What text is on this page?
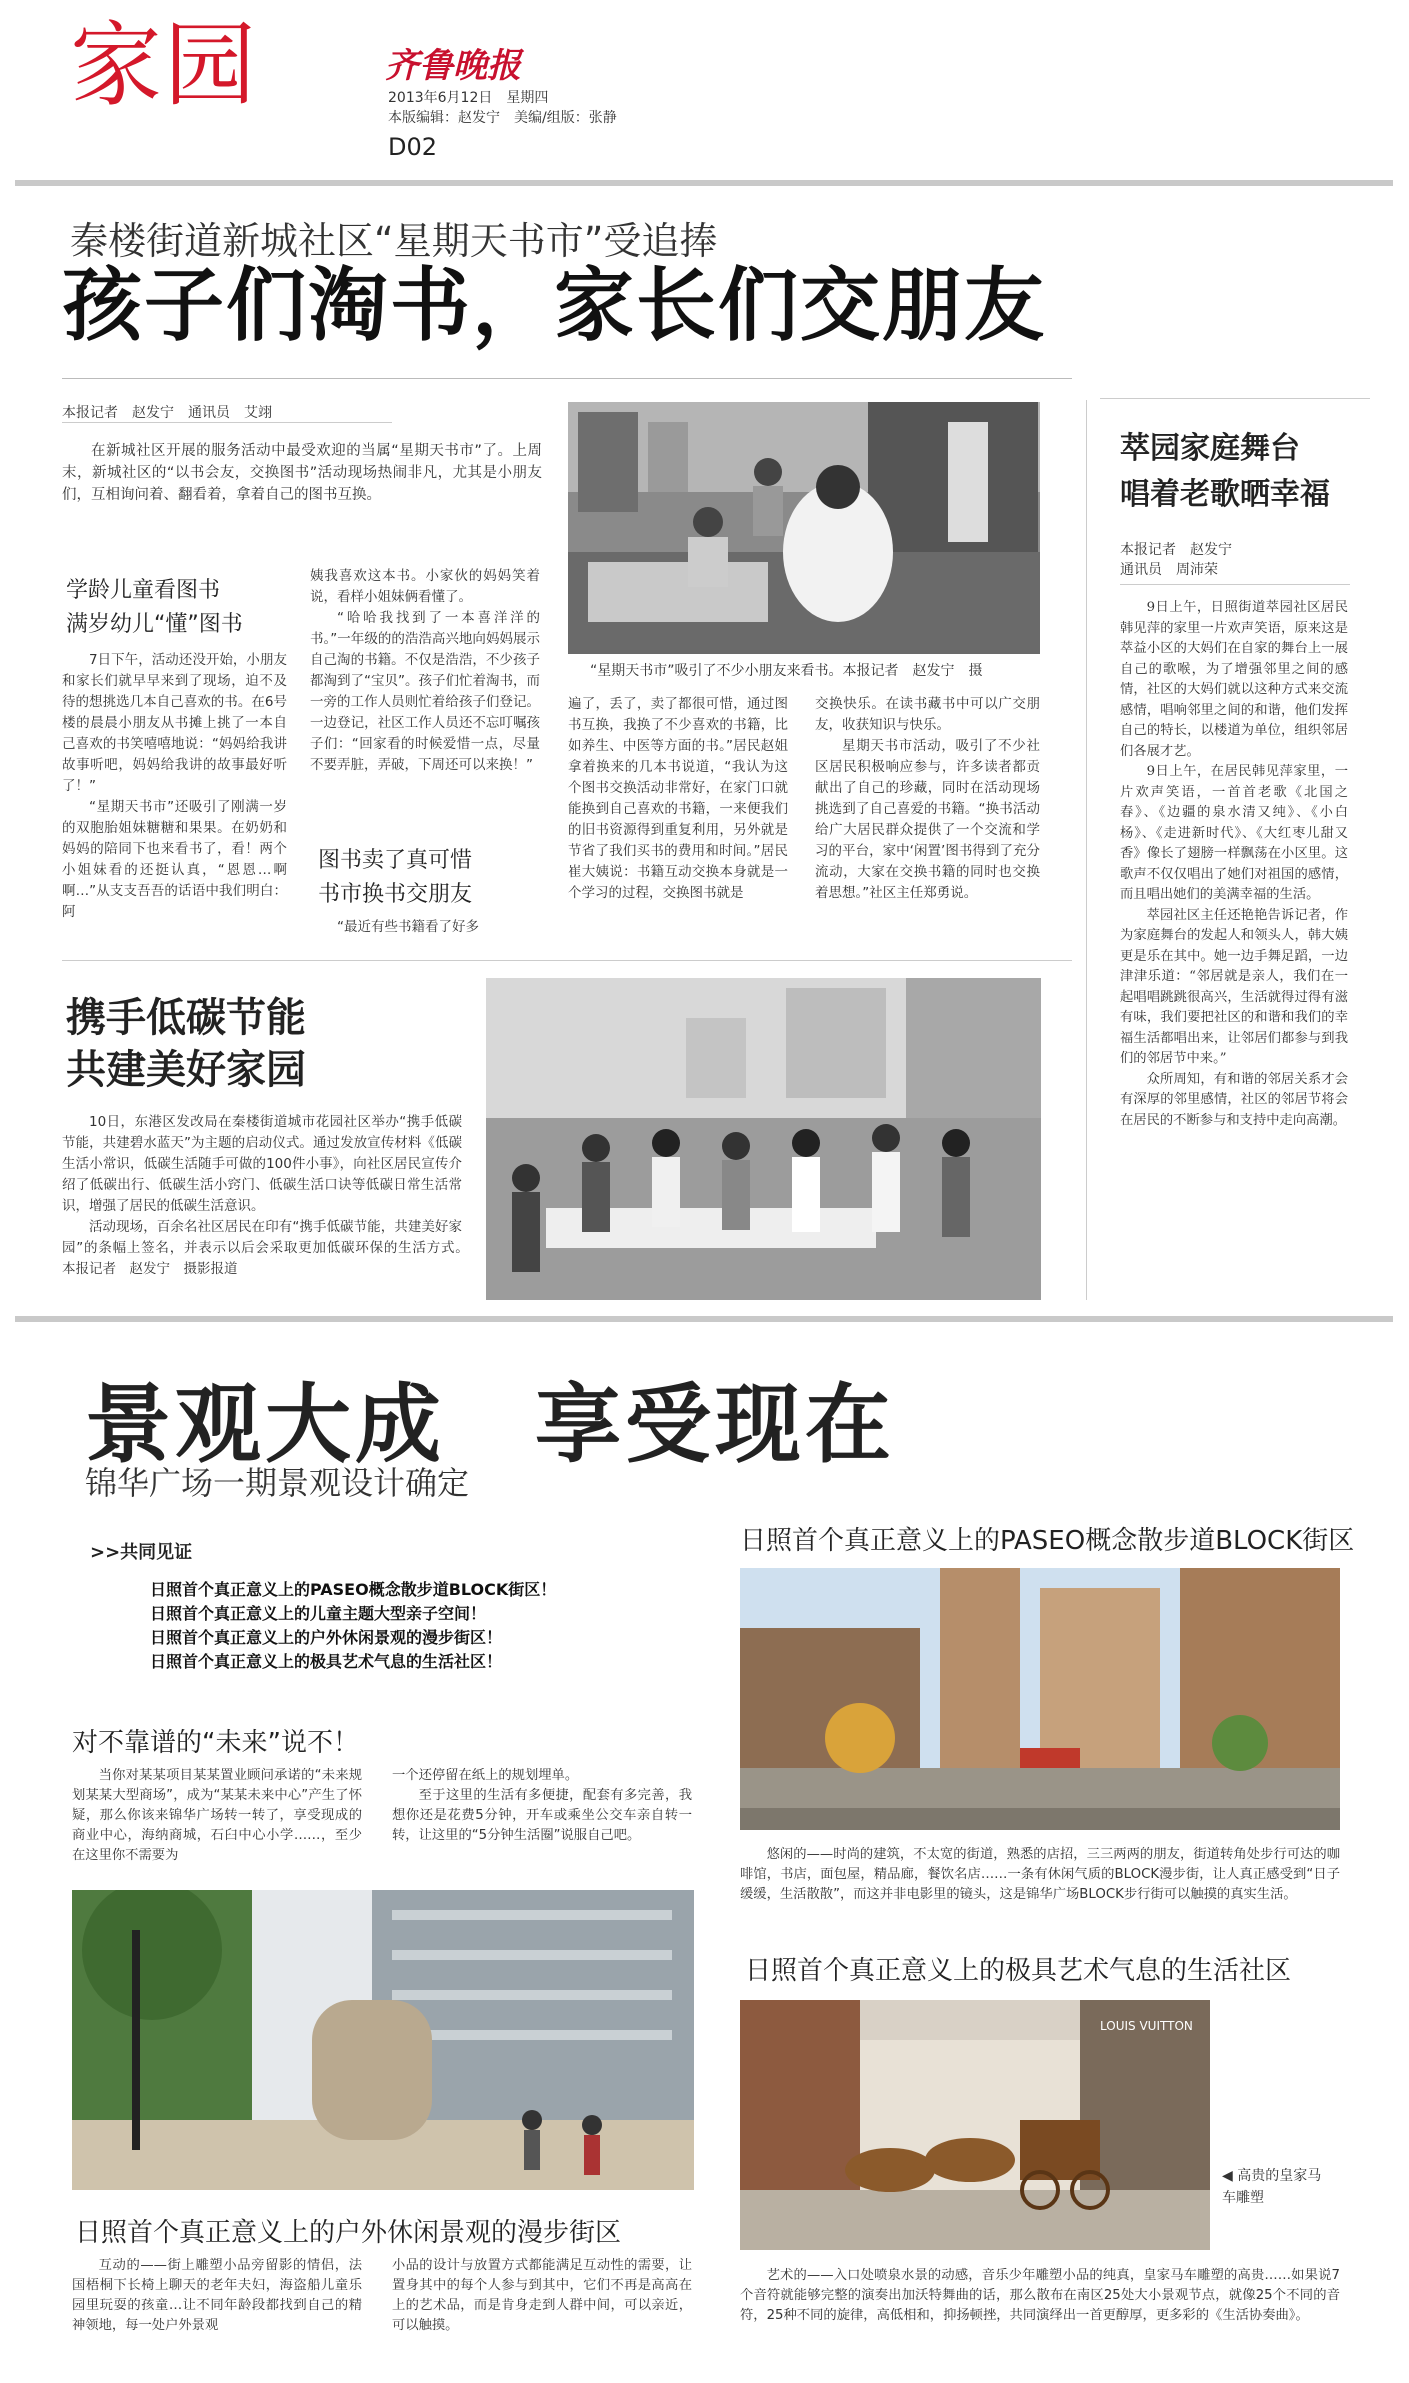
家园	齐鲁晚报
2013年6月12日　星期四
本版编辑：赵发宁　美编/组版：张静
D02
秦楼街道新城社区“星期天书市”受追捧
孩子们淘书，家长们交朋友
本报记者　赵发宁　通讯员　艾翊

在新城社区开展的服务活动中最受欢迎的当属“星期天书市”了。上周末，新城社区的“以书会友，交换图书”活动现场热闹非凡，尤其是小朋友们，互相询问着、翻看着，拿着自己的图书互换。

学龄儿童看图书
满岁幼儿“懂”图书

7日下午，活动还没开始，小朋友和家长们就早早来到了现场，迫不及待的想挑选几本自己喜欢的书。在6号楼的晨晨小朋友从书摊上挑了一本自己喜欢的书笑嘻嘻地说：“妈妈给我讲故事听吧，妈妈给我讲的故事最好听了！”

“星期天书市”还吸引了刚满一岁的双胞胎姐妹糖糖和果果。在奶奶和妈妈的陪同下也来看书了，看！两个小姐妹看的还挺认真，“恩恩…啊啊…”从支支吾吾的话语中我们明白：阿

姨我喜欢这本书。小家伙的妈妈笑着说，看样小姐妹俩看懂了。

“哈哈我找到了一本喜洋洋的书。”一年级的的浩浩高兴地向妈妈展示自己淘的书籍。不仅是浩浩，不少孩子都淘到了“宝贝”。孩子们忙着淘书，而一旁的工作人员则忙着给孩子们登记。一边登记，社区工作人员还不忘叮嘱孩子们：“回家看的时候爱惜一点，尽量不要弄脏，弄破，下周还可以来换！”

图书卖了真可惜
书市换书交朋友

“最近有些书籍看了好多

“星期天书市”吸引了不少小朋友来看书。本报记者　赵发宁　摄

遍了，丢了，卖了都很可惜，通过图书互换，我换了不少喜欢的书籍，比如养生、中医等方面的书。”居民赵姐拿着换来的几本书说道，“我认为这个图书交换活动非常好，在家门口就能换到自己喜欢的书籍，一来便我们的旧书资源得到重复利用，另外就是节省了我们买书的费用和时间。”居民崔大姨说：书籍互动交换本身就是一个学习的过程，交换图书就是

交换快乐。在读书藏书中可以广交朋友，收获知识与快乐。

星期天书市活动，吸引了不少社区居民积极响应参与，许多读者都贡献出了自己的珍藏，同时在活动现场挑选到了自己喜爱的书籍。“换书活动给广大居民群众提供了一个交流和学习的平台，家中‘闲置’图书得到了充分流动，大家在交换书籍的同时也交换着思想。”社区主任郑勇说。

萃园家庭舞台
唱着老歌晒幸福
本报记者　赵发宁
通讯员　周沛荣

9日上午，日照街道萃园社区居民韩见萍的家里一片欢声笑语，原来这是萃益小区的大妈们在自家的舞台上一展自己的歌喉，为了增强邻里之间的感情，社区的大妈们就以这种方式来交流感情，唱响邻里之间的和谐，他们发挥自己的特长，以楼道为单位，组织邻居们各展才艺。

9日上午，在居民韩见萍家里，一片欢声笑语，一首首老歌《北国之春》、《边疆的泉水清又纯》、《小白杨》、《走进新时代》、《大红枣儿甜又香》像长了翅膀一样飘荡在小区里。这歌声不仅仅唱出了她们对祖国的感情，而且唱出她们的美满幸福的生活。

萃园社区主任还艳艳告诉记者，作为家庭舞台的发起人和领头人，韩大姨更是乐在其中。她一边手舞足蹈，一边津津乐道：“邻居就是亲人，我们在一起唱唱跳跳很高兴，生活就得过得有滋有味，我们要把社区的和谐和我们的幸福生活都唱出来，让邻居们都参与到我们的邻居节中来。”

众所周知，有和谐的邻居关系才会有深厚的邻里感情，社区的邻居节将会在居民的不断参与和支持中走向高潮。

携手低碳节能
共建美好家园

10日，东港区发改局在秦楼街道城市花园社区举办“携手低碳节能，共建碧水蓝天”为主题的启动仪式。通过发放宣传材料《低碳生活小常识，低碳生活随手可做的100件小事》，向社区居民宣传介绍了低碳出行、低碳生活小窍门、低碳生活口诀等低碳日常生活常识，增强了居民的低碳生活意识。

活动现场，百余名社区居民在印有“携手低碳节能，共建美好家园”的条幅上签名，并表示以后会采取更加低碳环保的生活方式。　本报记者　赵发宁　摄影报道

景观大成　享受现在
锦华广场一期景观设计确定
>>共同见证
日照首个真正意义上的PASEO概念散步道BLOCK街区！
日照首个真正意义上的儿童主题大型亲子空间！
日照首个真正意义上的户外休闲景观的漫步街区！
日照首个真正意义上的极具艺术气息的生活社区！
对不靠谱的“未来”说不！

当你对某某项目某某置业顾问承诺的“未来规划某某大型商场”，成为“某某未来中心”产生了怀疑，那么你该来锦华广场转一转了，享受现成的商业中心，海纳商城，石臼中心小学……，至少在这里你不需要为

一个还停留在纸上的规划埋单。

至于这里的生活有多便捷，配套有多完善，我想你还是花费5分钟，开车或乘坐公交车亲自转一转，让这里的“5分钟生活圈”说服自己吧。

日照首个真正意义上的户外休闲景观的漫步街区

互动的——街上雕塑小品旁留影的情侣，法国梧桐下长椅上聊天的老年夫妇，海盗船儿童乐园里玩耍的孩童…让不同年龄段都找到自己的精神领地，每一处户外景观

小品的设计与放置方式都能满足互动性的需要，让置身其中的每个人参与到其中，它们不再是高高在上的艺术品，而是肯身走到人群中间，可以亲近，可以触摸。

日照首个真正意义上的PASEO概念散步道BLOCK街区

悠闲的——时尚的建筑，不太宽的街道，熟悉的店招，三三两两的朋友，街道转角处步行可达的咖啡馆，书店，面包屋，精品廊，餐饮名店……一条有休闲气质的BLOCK漫步街，让人真正感受到“日子缓缓，生活散散”，而这并非电影里的镜头，这是锦华广场BLOCK步行街可以触摸的真实生活。

日照首个真正意义上的极具艺术气息的生活社区
LOUIS VUITTON
◀ 高贵的皇家马车雕塑

艺术的——入口处喷泉水景的动感，音乐少年雕塑小品的纯真，皇家马车雕塑的高贵……如果说7个音符就能够完整的演奏出加沃特舞曲的话，那么散布在南区25处大小景观节点，就像25个不同的音符，25种不同的旋律，高低相和，抑扬顿挫，共同演绎出一首更醇厚，更多彩的《生活协奏曲》。
